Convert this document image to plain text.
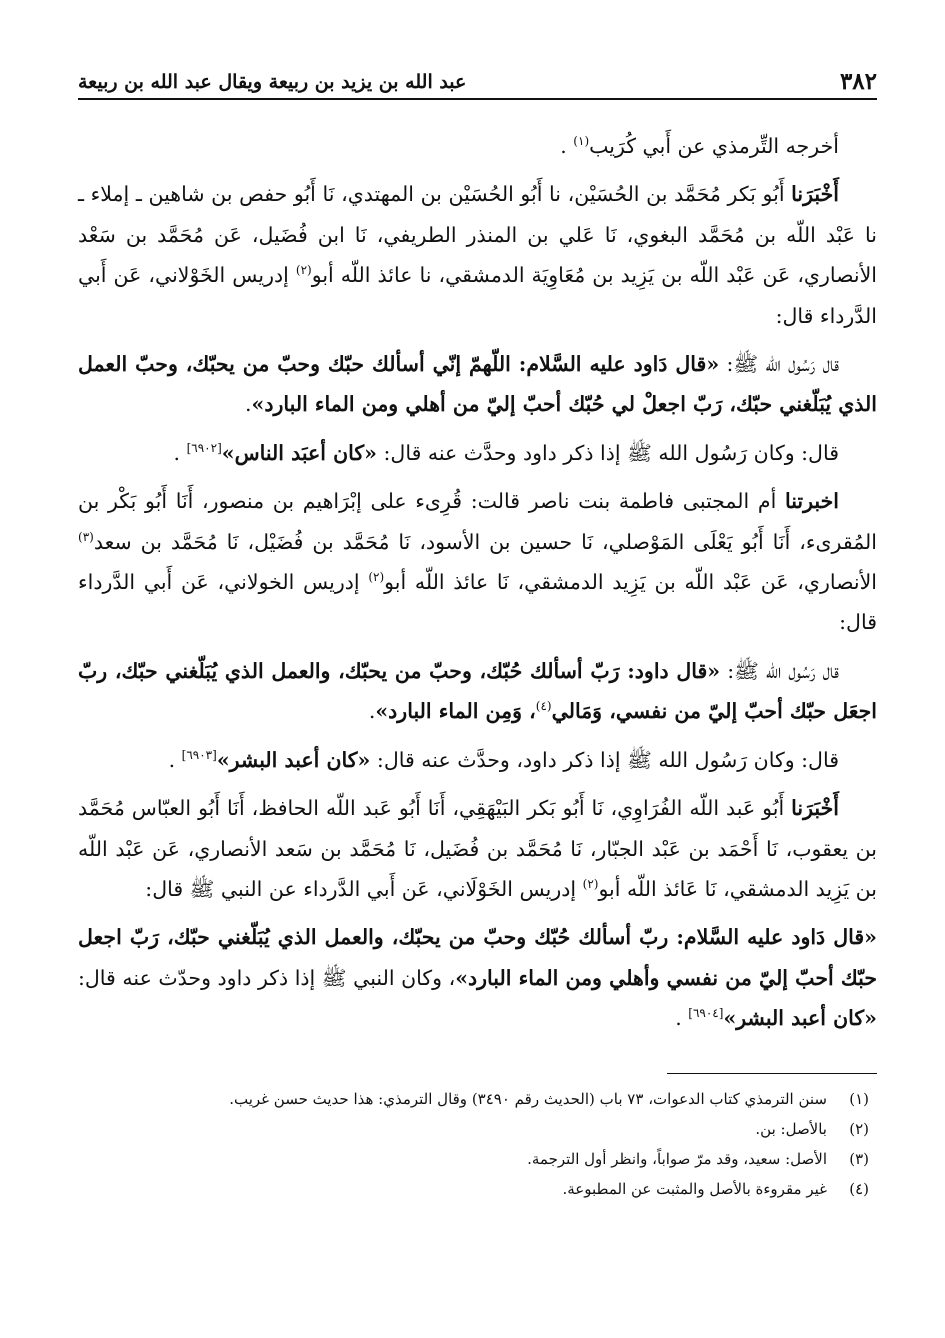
٣٨٢
عبد الله بن يزيد بن ربيعة ويقال عبد الله بن ربيعة

أخرجه التِّرمذي عن أَبي كُرَيب$^{(١)}$ .

أَخْبَرَنا أَبُو بَكر مُحَمَّد بن الحُسَيْن، نا أَبُو الحُسَيْن بن المهتدي، نَا أَبُو حفص بن شاهين ـ إملاء ـ نا عَبْد اللّه بن مُحَمَّد البغوي، نَا عَلي بن المنذر الطريفي، نَا ابن فُضَيل، عَن مُحَمَّد بن سَعْد الأنصاري، عَن عَبْد اللّه بن يَزِيد بن مُعَاوِيَة الدمشقي، نا عائذ اللّه أبو$^{(٢)}$ إدريس الخَوْلاني، عَن أَبي الدَّرداء قال:

قال رَسُول الله ﷺ: «قال دَاود عليه السَّلام: اللّهمّ إنّي أسألك حبّك وحبّ من يحبّك، وحبّ العمل الذي يُبَلّغني حبّك، رَبّ اجعلْ لي حُبّك أحبّ إليّ من أهلي ومن الماء البارد».

قال: وكان رَسُول الله ﷺ إذا ذكر داود وحدَّث عنه قال: «كان أعبَد الناس»[٦٩٠٢] .

اخبرتنا أم المجتبى فاطمة بنت ناصر قالت: قُرِىء على إبْرَاهيم بن منصور، أَنَا أَبُو بَكْر بن المُقرىء، أَنَا أَبُو يَعْلَى المَوْصلي، نَا حسين بن الأسود، نَا مُحَمَّد بن فُضَيْل، نَا مُحَمَّد بن سعد$^{(٣)}$ الأنصاري، عَن عَبْد اللّه بن يَزِيد الدمشقي، نَا عائذ اللّه أبو$^{(٢)}$ إدريس الخولاني، عَن أَبي الدَّرداء قال:

قال رَسُول الله ﷺ: «قال داود: رَبّ أسألك حُبّك، وحبّ من يحبّك، والعمل الذي يُبَلّغني حبّك، ربّ اجعَل حبّك أحبّ إليّ من نفسي، وَمَالي$^{(٤)}$، وَمِن الماء البارد».

قال: وكان رَسُول الله ﷺ إذا ذكر داود، وحدَّث عنه قال: «كان أعبد البشر»[٦٩٠٣] .

أَخْبَرَنا أَبُو عَبد اللّه الفُرَاوِي، نَا أَبُو بَكر البَيْهَقِي، أَنَا أَبُو عَبد اللّه الحافظ، أَنَا أَبُو العبّاس مُحَمَّد بن يعقوب، نَا أَحْمَد بن عَبْد الجبّار، نَا مُحَمَّد بن فُضَيل، نَا مُحَمَّد بن سَعد الأنصاري، عَن عَبْد اللّه بن يَزِيد الدمشقي، نَا عَائذ اللّه أبو$^{(٢)}$ إدريس الخَوْلَاني، عَن أَبي الدَّرداء عن النبي ﷺ قال:

«قال دَاود عليه السَّلام: ربّ أسألك حُبّك وحبّ من يحبّك، والعمل الذي يُبَلّغني حبّك، رَبّ اجعل حبّك أحبّ إليّ من نفسي وأهلي ومن الماء البارد»، وكان النبي ﷺ إذا ذكر داود وحدّث عنه قال: «كان أعبد البشر»[٦٩٠٤] .

(١)
سنن الترمذي كتاب الدعوات، ٧٣ باب (الحديث رقم ٣٤٩٠) وقال الترمذي: هذا حديث حسن غريب.
(٢)
بالأصل: بن.
(٣)
الأصل: سعيد، وقد مرّ صواباً، وانظر أول الترجمة.
(٤)
غير مقروءة بالأصل والمثبت عن المطبوعة.
